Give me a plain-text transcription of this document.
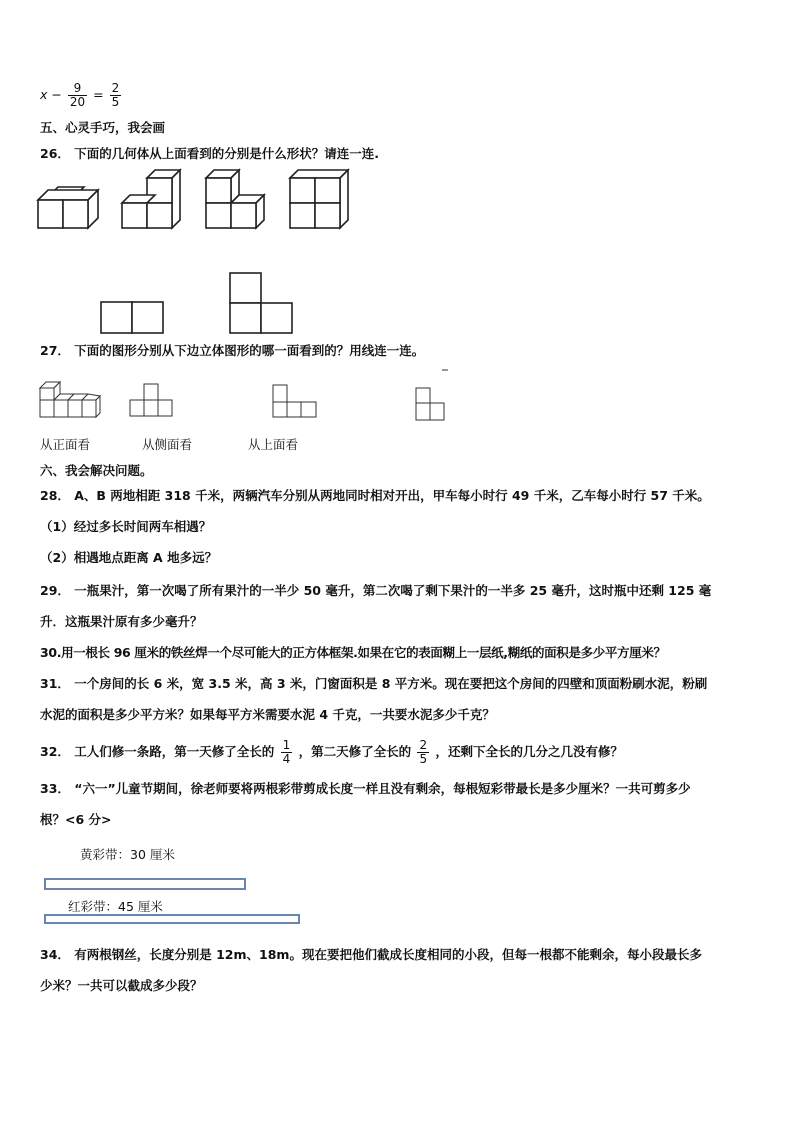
$x - \frac{9}{20} = \frac{2}{5}$
五、心灵手巧，我会画
26． 下面的几何体从上面看到的分别是什么形状？请连一连.
27． 下面的图形分别从下边立体图形的哪一面看到的？用线连一连。
从正面看	从侧面看	从上面看
六、我会解决问题。
28． A、B 两地相距 318 千米，两辆汽车分别从两地同时相对开出，甲车每小时行 49 千米，乙车每小时行 57 千米。
（1）经过多长时间两车相遇？
（2）相遇地点距离 A 地多远？
29． 一瓶果汁，第一次喝了所有果汁的一半少 50 毫升，第二次喝了剩下果汁的一半多 25 毫升，这时瓶中还剩 125 毫
升．这瓶果汁原有多少毫升？
30.用一根长 96 厘米的铁丝焊一个尽可能大的正方体框架.如果在它的表面糊上一层纸,糊纸的面积是多少平方厘米？
31． 一个房间的长 6 米，宽 3.5 米，高 3 米，门窗面积是 8 平方米。现在要把这个房间的四壁和顶面粉刷水泥，粉刷
水泥的面积是多少平方米？如果每平方米需要水泥 4 千克，一共要水泥多少千克？
32． 工人们修一条路，第一天修了全长的 $\frac{1}{4}$ ，第二天修了全长的 $\frac{2}{5}$ ，还剩下全长的几分之几没有修？
33． “六一”儿童节期间，徐老师要将两根彩带剪成长度一样且没有剩余，每根短彩带最长是多少厘米？一共可剪多少
根？<6 分>
黄彩带：30 厘米
红彩带：45 厘米
34． 有两根钢丝，长度分别是 12m、18m。现在要把他们截成长度相同的小段，但每一根都不能剩余，每小段最长多
少米？一共可以截成多少段？
